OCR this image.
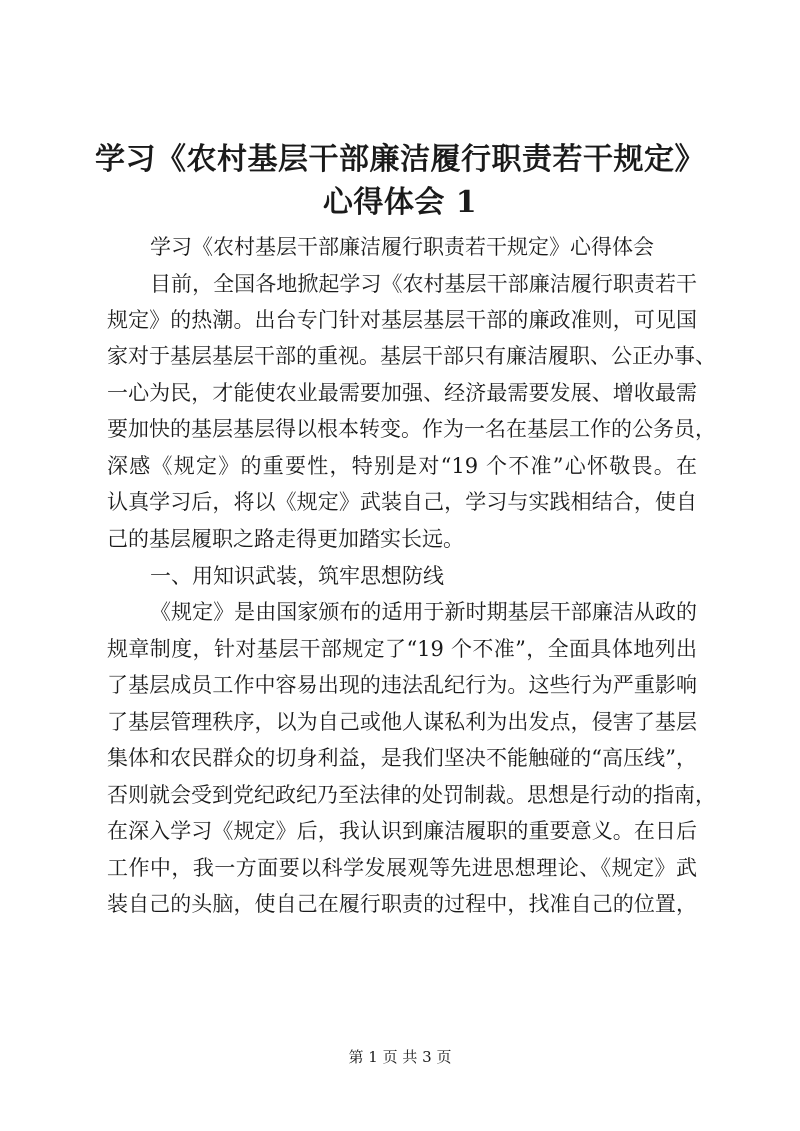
学习《农村基层干部廉洁履行职责若干规定》
心得体会 1

学习《农村基层干部廉洁履行职责若干规定》心得体会

目前，全国各地掀起学习《农村基层干部廉洁履行职责若干

规定》的热潮。出台专门针对基层基层干部的廉政准则，可见国

家对于基层基层干部的重视。基层干部只有廉洁履职、公正办事、

一心为民，才能使农业最需要加强、经济最需要发展、增收最需

要加快的基层基层得以根本转变。作为一名在基层工作的公务员，

深感《规定》的重要性，特别是对“19 个不准”心怀敬畏。在

认真学习后，将以《规定》武装自己，学习与实践相结合，使自

己的基层履职之路走得更加踏实长远。

一、用知识武装，筑牢思想防线

《规定》是由国家颁布的适用于新时期基层干部廉洁从政的

规章制度，针对基层干部规定了“19 个不准”，全面具体地列出

了基层成员工作中容易出现的违法乱纪行为。这些行为严重影响

了基层管理秩序，以为自己或他人谋私利为出发点，侵害了基层

集体和农民群众的切身利益，是我们坚决不能触碰的“高压线”，

否则就会受到党纪政纪乃至法律的处罚制裁。思想是行动的指南，

在深入学习《规定》后，我认识到廉洁履职的重要意义。在日后

工作中，我一方面要以科学发展观等先进思想理论、《规定》武

装自己的头脑，使自己在履行职责的过程中，找准自己的位置，

第 1 页 共 3 页
